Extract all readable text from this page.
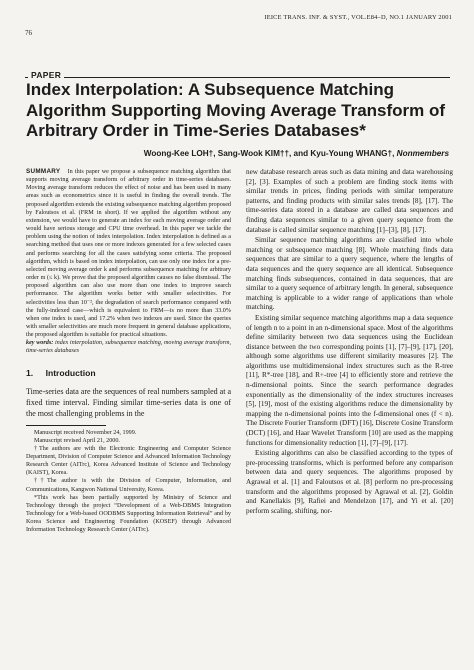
IEICE TRANS. INF. & SYST., VOL.E84–D, NO.1 JANUARY 2001
76
PAPER
Index Interpolation: A Subsequence Matching Algorithm Supporting Moving Average Transform of Arbitrary Order in Time-Series Databases*
Woong-Kee LOH†, Sang-Wook KIM††, and Kyu-Young WHANG†, Nonmembers

SUMMARY In this paper we propose a subsequence matching algorithm that supports moving average transform of arbitrary order in time-series databases. Moving average transform reduces the effect of noise and has been used in many areas such as econometrics since it is useful in finding the overall trends. The proposed algorithm extends the existing subsequence matching algorithm proposed by Faloutsos et al. (FRM in short). If we applied the algorithm without any extension, we would have to generate an index for each moving average order and would have serious storage and CPU time overhead. In this paper we tackle the problem using the notion of index interpolation. Index interpolation is defined as a searching method that uses one or more indexes generated for a few selected cases and performs searching for all the cases satisfying some criteria. The proposed algorithm, which is based on index interpolation, can use only one index for a pre-selected moving average order k and performs subsequence matching for arbitrary order m (≤ k). We prove that the proposed algorithm causes no false dismissal. The proposed algorithm can also use more than one index to improve search performance. The algorithm works better with smaller selectivities. For selectivities less than 10⁻², the degradation of search performance compared with the fully-indexed case—which is equivalent to FRM—is no more than 33.0% when one index is used, and 17.2% when two indexes are used. Since the queries with smaller selectivities are much more frequent in general database applications, the proposed algorithm is suitable for practical situations.

key words: index interpolation, subsequence matching, moving average transform, time-series databases

1. Introduction

Time-series data are the sequences of real numbers sampled at a fixed time interval. Finding similar time-series data is one of the most challenging problems in the

Manuscript received November 24, 1999.

Manuscript revised April 21, 2000.

†The authors are with the Electronic Engineering and Computer Science Department, Division of Computer Science and Advanced Information Technology Research Center (AITrc), Korea Advanced Institute of Science and Technology (KAIST), Korea.

††The author is with the Division of Computer, Information, and Communications, Kangwon National University, Korea.

*This work has been partially supported by Ministry of Science and Technology through the project “Development of a Web-DBMS Integration Technology for a Web-based OODBMS Supporting Information Retrieval” and by Korea Science and Engineering Foundation (KOSEF) through Advanced Information Technology Research Center (AITrc).

new database research areas such as data mining and data warehousing [2], [3]. Examples of such a problem are finding stock items with similar trends in prices, finding periods with similar temperature patterns, and finding products with similar sales trends [8], [17]. The time-series data stored in a database are called data sequences and finding data sequences similar to a given query sequence from the database is called similar sequence matching [1]–[3], [8], [17].

Similar sequence matching algorithms are classified into whole matching or subsequence matching [8]. Whole matching finds data sequences that are similar to a query sequence, where the lengths of data sequences and the query sequence are all identical. Subsequence matching finds subsequences, contained in data sequences, that are similar to a query sequence of arbitrary length. In general, subsequence matching is applicable to a wider range of applications than whole matching.

Existing similar sequence matching algorithms map a data sequence of length n to a point in an n-dimensional space. Most of the algorithms define similarity between two data sequences using the Euclidean distance between the two corresponding points [1], [7]–[9], [17], [20], although some algorithms use different similarity measures [2]. The algorithms use multidimensional index structures such as the R-tree [11], R*-tree [18], and R+-tree [4] to efficiently store and retrieve the n-dimensional points. Since the search performance degrades exponentially as the dimensionality of the index structures increases [5], [19], most of the existing algorithms reduce the dimensionality by mapping the n-dimensional points into the f-dimensional ones (f < n). The Discrete Fourier Transform (DFT) [16], Discrete Cosine Transform (DCT) [16], and Haar Wavelet Transform [10] are used as the mapping functions for dimensionality reduction [1], [7]–[9], [17].

Existing algorithms can also be classified according to the types of pre-processing transforms, which is performed before any comparison between data and query sequences. The algorithms proposed by Agrawal et al. [1] and Faloutsos et al. [8] perform no pre-processing transform and the algorithms proposed by Agrawal et al. [2], Goldin and Kanellakis [9], Rafiei and Mendelzon [17], and Yi et al. [20] perform scaling, shifting, nor-
